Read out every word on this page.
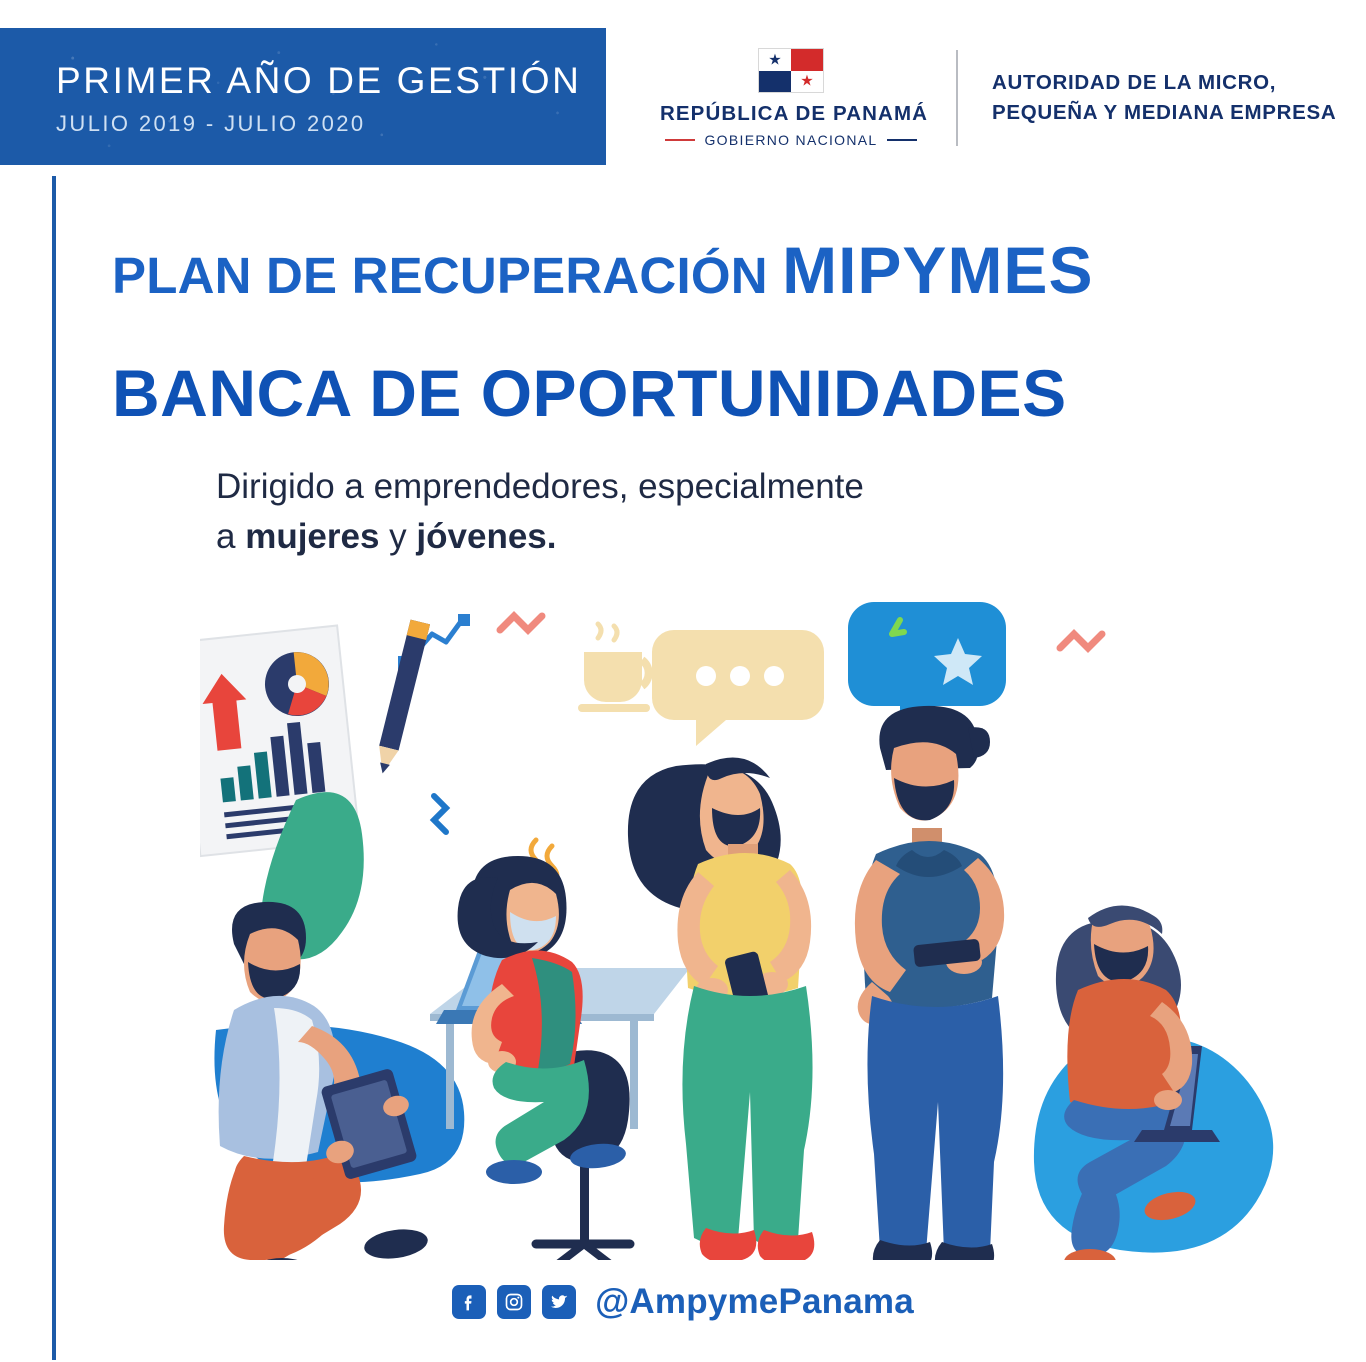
PRIMER AÑO DE GESTIÓN
JULIO 2019 - JULIO 2020
★
★
REPÚBLICA DE PANAMÁ
GOBIERNO NACIONAL
AUTORIDAD DE LA MICRO,
PEQUEÑA Y MEDIANA EMPRESA
PLAN DE RECUPERACIÓN MIPYMES
BANCA DE OPORTUNIDADES
Dirigido a emprendedores, especialmente
a mujeres y jóvenes.
@AmpymePanama
